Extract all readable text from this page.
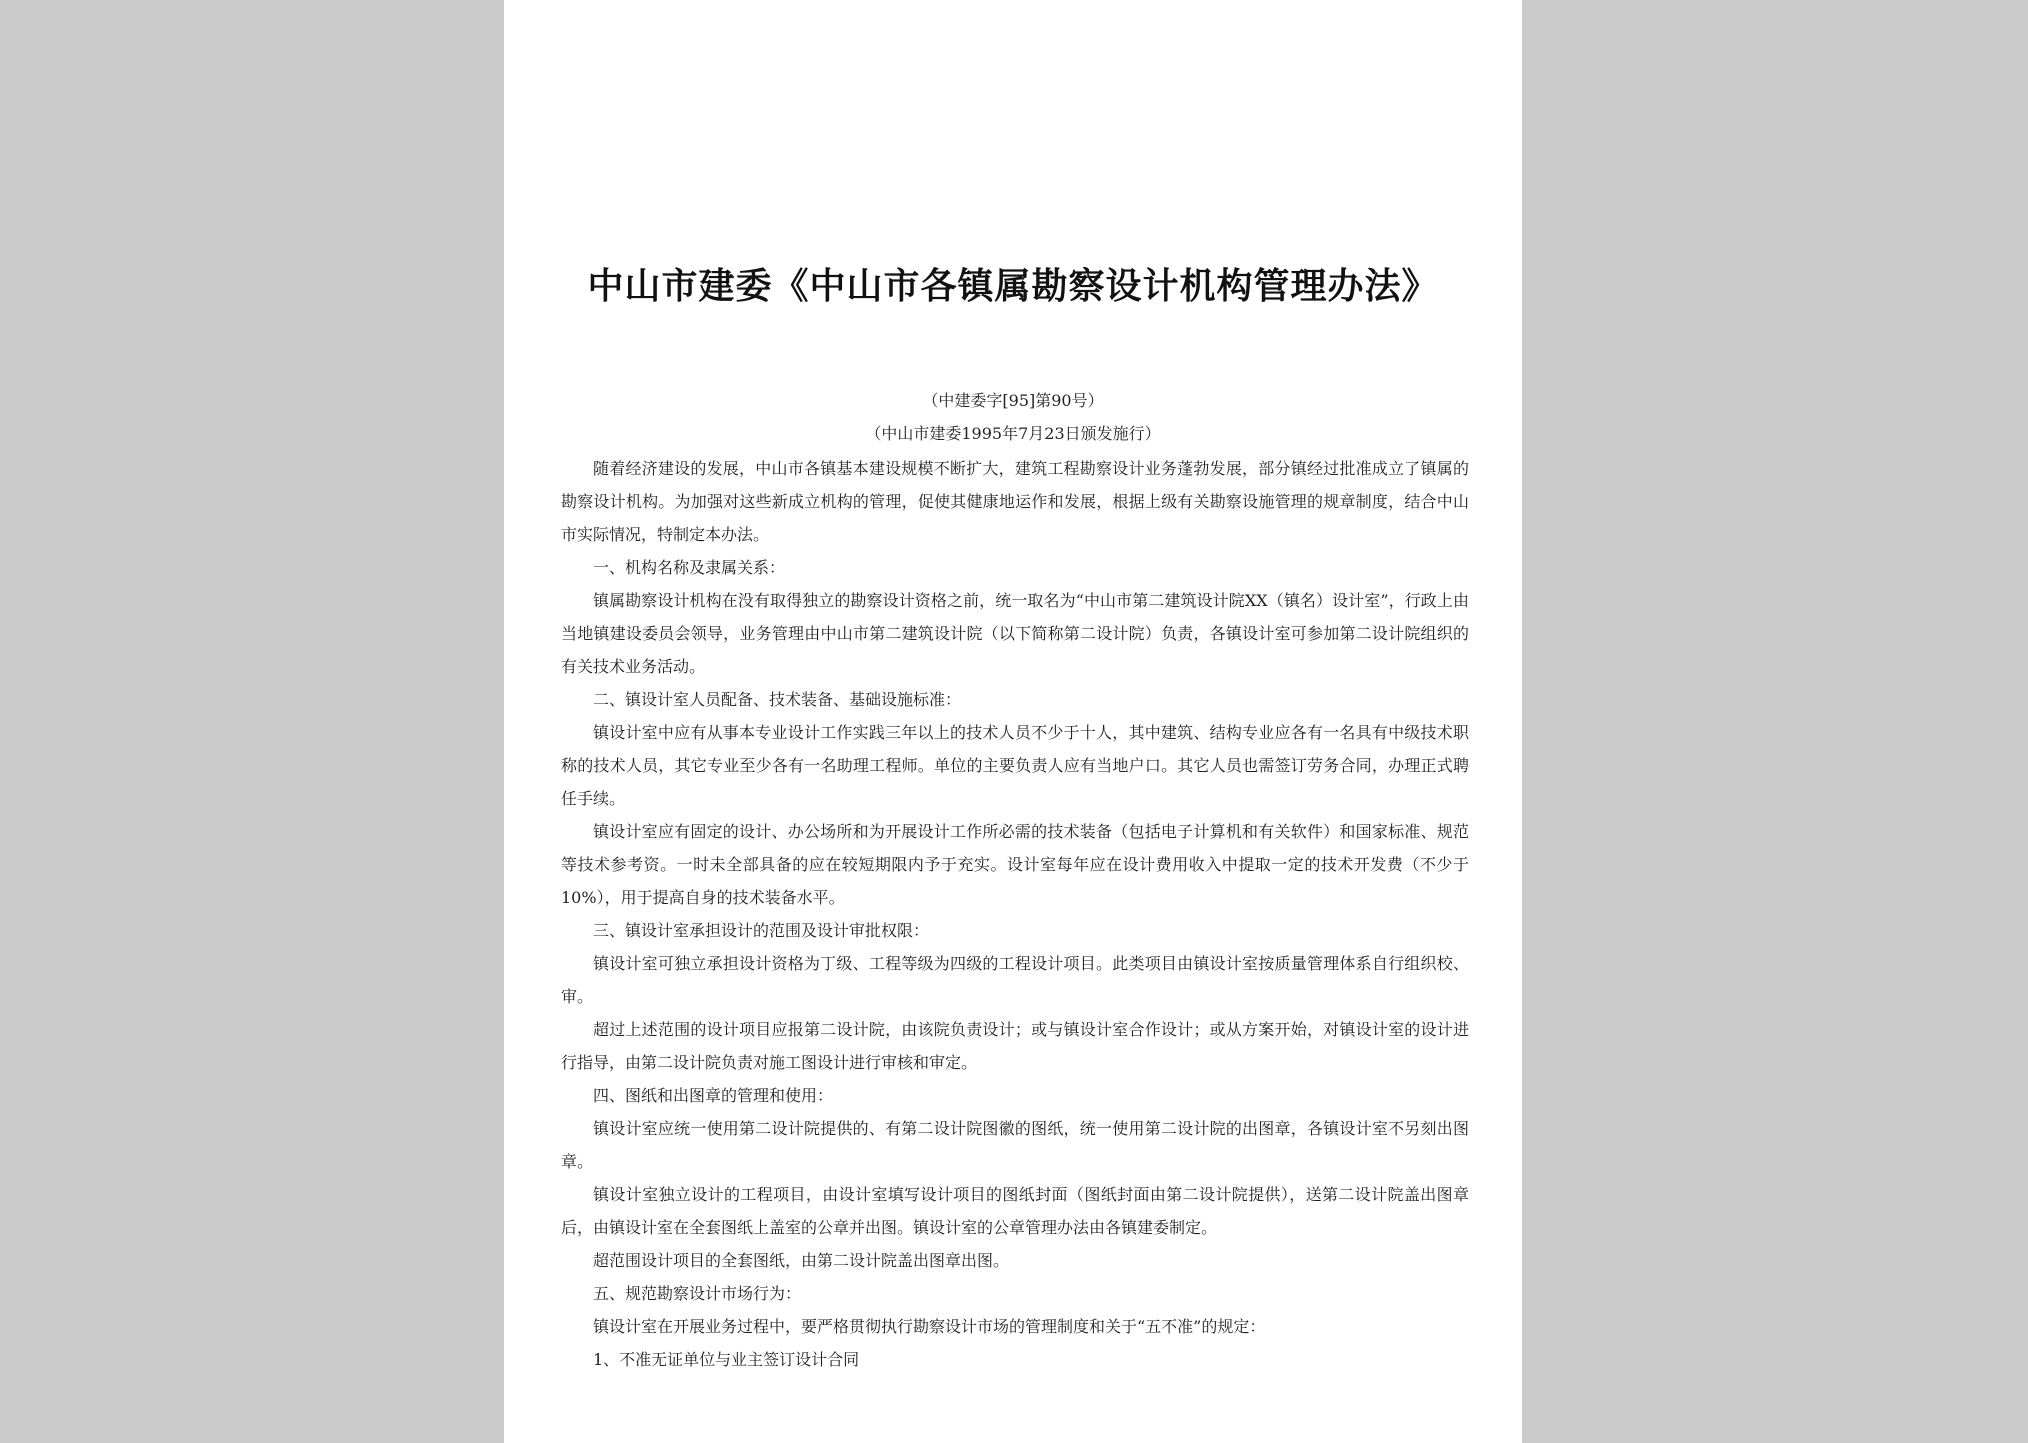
中山市建委《中山市各镇属勘察设计机构管理办法》

（中建委字[95]第90号）

（中山市建委1995年7月23日颁发施行）

随着经济建设的发展，中山市各镇基本建设规模不断扩大，建筑工程勘察设计业务蓬勃发展，部分镇经过批准成立了镇属的勘察设计机构。为加强对这些新成立机构的管理，促使其健康地运作和发展，根据上级有关勘察设施管理的规章制度，结合中山市实际情况，特制定本办法。

一、机构名称及隶属关系：

镇属勘察设计机构在没有取得独立的勘察设计资格之前，统一取名为“中山市第二建筑设计院XX（镇名）设计室”，行政上由当地镇建设委员会领导，业务管理由中山市第二建筑设计院（以下简称第二设计院）负责，各镇设计室可参加第二设计院组织的有关技术业务活动。

二、镇设计室人员配备、技术装备、基础设施标准：

镇设计室中应有从事本专业设计工作实践三年以上的技术人员不少于十人，其中建筑、结构专业应各有一名具有中级技术职称的技术人员，其它专业至少各有一名助理工程师。单位的主要负责人应有当地户口。其它人员也需签订劳务合同，办理正式聘任手续。

镇设计室应有固定的设计、办公场所和为开展设计工作所必需的技术装备（包括电子计算机和有关软件）和国家标准、规范等技术参考资。一时未全部具备的应在较短期限内予于充实。设计室每年应在设计费用收入中提取一定的技术开发费（不少于10%），用于提高自身的技术装备水平。

三、镇设计室承担设计的范围及设计审批权限：

镇设计室可独立承担设计资格为丁级、工程等级为四级的工程设计项目。此类项目由镇设计室按质量管理体系自行组织校、审。

超过上述范围的设计项目应报第二设计院，由该院负责设计；或与镇设计室合作设计；或从方案开始，对镇设计室的设计进行指导，由第二设计院负责对施工图设计进行审核和审定。

四、图纸和出图章的管理和使用：

镇设计室应统一使用第二设计院提供的、有第二设计院图徽的图纸，统一使用第二设计院的出图章，各镇设计室不另刻出图章。

镇设计室独立设计的工程项目，由设计室填写设计项目的图纸封面（图纸封面由第二设计院提供），送第二设计院盖出图章后，由镇设计室在全套图纸上盖室的公章并出图。镇设计室的公章管理办法由各镇建委制定。

超范围设计项目的全套图纸，由第二设计院盖出图章出图。

五、规范勘察设计市场行为：

镇设计室在开展业务过程中，要严格贯彻执行勘察设计市场的管理制度和关于“五不准”的规定：

1、不准无证单位与业主签订设计合同
